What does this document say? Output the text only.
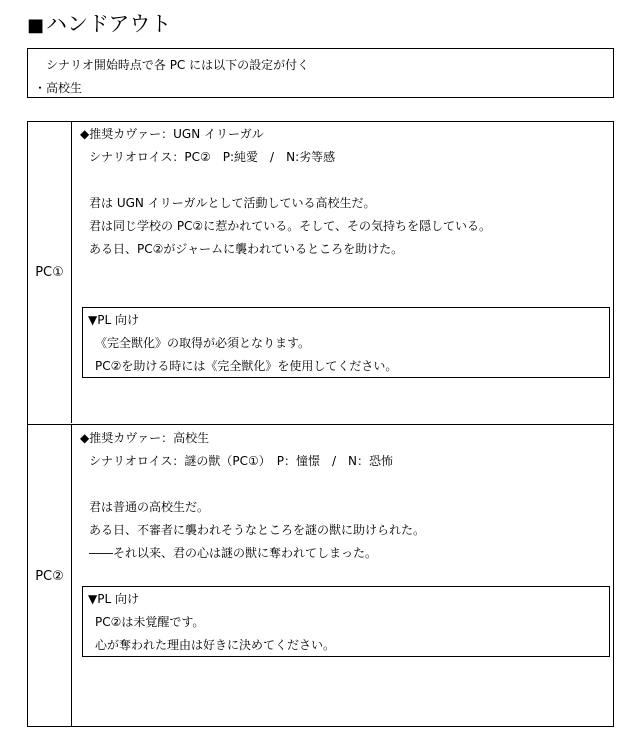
■ハンドアウト
シナリオ開始時点で各 PC には以下の設定が付く
・高校生
PC①
◆推奨カヴァー：UGN イリーガル
シナリオロイス：PC②　P:純愛　/　N:劣等感
君は UGN イリーガルとして活動している高校生だ。
君は同じ学校の PC②に惹かれている。そして、その気持ちを隠している。
ある日、PC②がジャームに襲われているところを助けた。
▼PL 向け
《完全獣化》の取得が必須となります。
PC②を助ける時には《完全獣化》を使用してください。
PC②
◆推奨カヴァー：高校生
シナリオロイス：謎の獣（PC①）　P：憧憬　/　N：恐怖
君は普通の高校生だ。
ある日、不審者に襲われそうなところを謎の獣に助けられた。
――それ以来、君の心は謎の獣に奪われてしまった。
▼PL 向け
PC②は未覚醒です。
心が奪われた理由は好きに決めてください。
